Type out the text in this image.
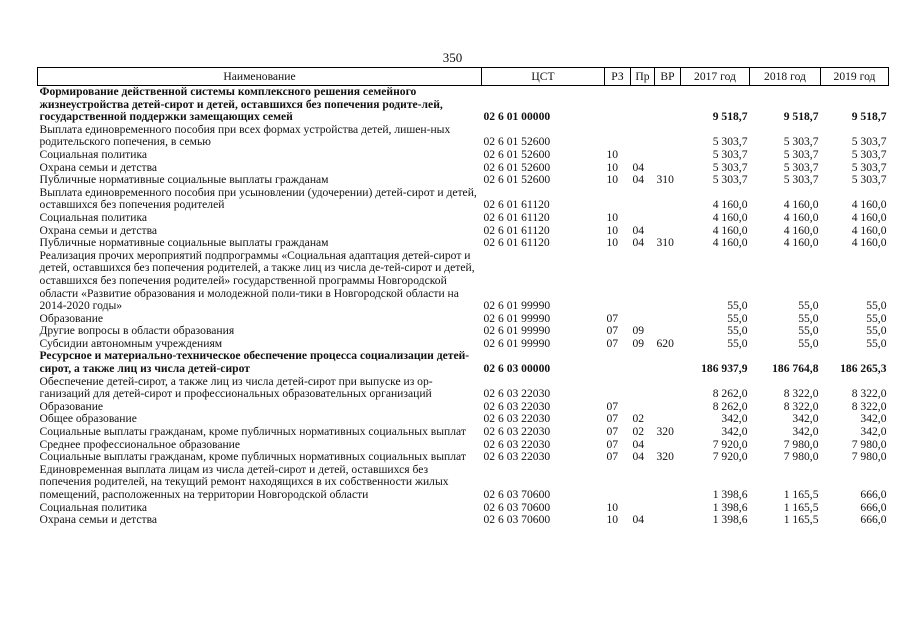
350
Наименование	ЦСТ	РЗ	Пр	ВР	2017 год	2018 год	2019 год
Формирование действенной системы комплексного решения семейного жизнеустройства детей-сирот и детей, оставшихся без попечения родите-лей, государственной поддержки замещающих семей	02 6 01 00000				9 518,7	9 518,7	9 518,7
Выплата единовременного пособия при всех формах устройства детей, лишен-ных родительского попечения, в семью	02 6 01 52600				5 303,7	5 303,7	5 303,7
Социальная политика	02 6 01 52600	10			5 303,7	5 303,7	5 303,7
Охрана семьи и детства	02 6 01 52600	10	04		5 303,7	5 303,7	5 303,7
Публичные нормативные социальные выплаты гражданам	02 6 01 52600	10	04	310	5 303,7	5 303,7	5 303,7
Выплата единовременного пособия при усыновлении (удочерении) детей-сирот и детей, оставшихся без попечения родителей	02 6 01 61120				4 160,0	4 160,0	4 160,0
Социальная политика	02 6 01 61120	10			4 160,0	4 160,0	4 160,0
Охрана семьи и детства	02 6 01 61120	10	04		4 160,0	4 160,0	4 160,0
Публичные нормативные социальные выплаты гражданам	02 6 01 61120	10	04	310	4 160,0	4 160,0	4 160,0
Реализация прочих мероприятий подпрограммы «Социальная адаптация детей-сирот и детей, оставшихся без попечения родителей, а также лиц из числа де-тей-сирот и детей, оставшихся без попечения родителей» государственной программы Новгородской области «Развитие образования и молодежной поли-тики в Новгородской области на 2014-2020 годы»	02 6 01 99990				55,0	55,0	55,0
Образование	02 6 01 99990	07			55,0	55,0	55,0
Другие вопросы в области образования	02 6 01 99990	07	09		55,0	55,0	55,0
Субсидии автономным учреждениям	02 6 01 99990	07	09	620	55,0	55,0	55,0
Ресурсное и материально-техническое обеспечение процесса социализации детей-сирот, а также лиц из числа детей-сирот	02 6 03 00000				186 937,9	186 764,8	186 265,3
Обеспечение детей-сирот, а также лиц из числа детей-сирот при выпуске из ор-ганизаций для детей-сирот и профессиональных образовательных организаций	02 6 03 22030				8 262,0	8 322,0	8 322,0
Образование	02 6 03 22030	07			8 262,0	8 322,0	8 322,0
Общее образование	02 6 03 22030	07	02		342,0	342,0	342,0
Социальные выплаты гражданам, кроме публичных нормативных социальных выплат	02 6 03 22030	07	02	320	342,0	342,0	342,0
Среднее профессиональное образование	02 6 03 22030	07	04		7 920,0	7 980,0	7 980,0
Социальные выплаты гражданам, кроме публичных нормативных социальных выплат	02 6 03 22030	07	04	320	7 920,0	7 980,0	7 980,0
Единовременная выплата лицам из числа детей-сирот и детей, оставшихся без попечения родителей, на текущий ремонт находящихся в их собственности жилых помещений, расположенных на территории Новгородской области	02 6 03 70600				1 398,6	1 165,5	666,0
Социальная политика	02 6 03 70600	10			1 398,6	1 165,5	666,0
Охрана семьи и детства	02 6 03 70600	10	04		1 398,6	1 165,5	666,0
